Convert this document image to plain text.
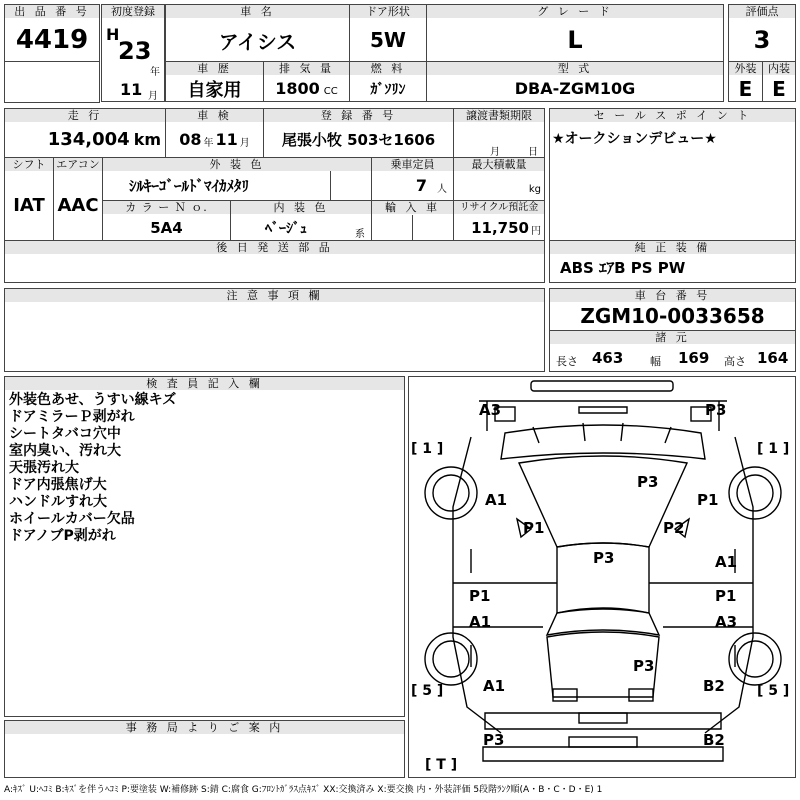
出 品 番 号
4419
初度登録
H
23
年
11 月
車 名
アイシス
ドア形状
5W
グ レ ー ド
L
評価点
3
車 歴
自家用
排 気 量
1800 CC
燃 料
ｶﾞｿﾘﾝ
型 式
DBA-ZGM10G
外装
E
内装
E
走 行
134,004 km
車 検
08 年 11 月
登 録 番 号
尾張小牧 503セ1606
譲渡書類期限
月	日
セ ー ル ス ポ イ ン ト
★オークションデビュー★
シフト
IAT
エアコン
AAC
外 装 色
ｼﾙｷｰｺﾞｰﾙﾄﾞﾏｲｶﾒﾀﾘ
乗車定員
7 人
最大積載量
kg
カ ラ ー Ｎ ｏ.
5A4
内 装 色
ﾍﾞｰｼﾞｭ	系
輸 入 車	リサイクル預託金
11,750 円
後 日 発 送 部 品	純 正 装 備
ABS ｴｱB PS PW
注 意 事 項 欄	車 台 番 号
ZGM10-0033658
諸 元
長さ 463 幅 169 高さ 164
検 査 員 記 入 欄
外装色あせ、うすい線キズ
ドアミラーＰ剥がれ
シートタバコ穴中
室内臭い、汚れ大
天張汚れ大
ドア内張焦げ大
ハンドルすれ大
ホイールカバー欠品
ドアノブP剥がれ
事 務 局 よ り ご 案 内
A3	P3
[ 1 ]	[ 1 ]
P3
A1	P1
P1	P2
P3	A1
P1	P1
A1	A3
P3
A1	B2
[ 5 ]	[ 5 ]
P3	B2
[ T ]
A:ｷｽﾞ U:ﾍｺﾐ B:ｷｽﾞを伴うﾍｺﾐ P:要塗装 W:補修跡 S:錆 C:腐食 G:ﾌﾛﾝﾄｶﾞﾗｽ点ｷｽﾞ XX:交換済み X:要交換 内・外装評価 5段階ﾗﾝｸ順(A・B・C・D・E) 1
